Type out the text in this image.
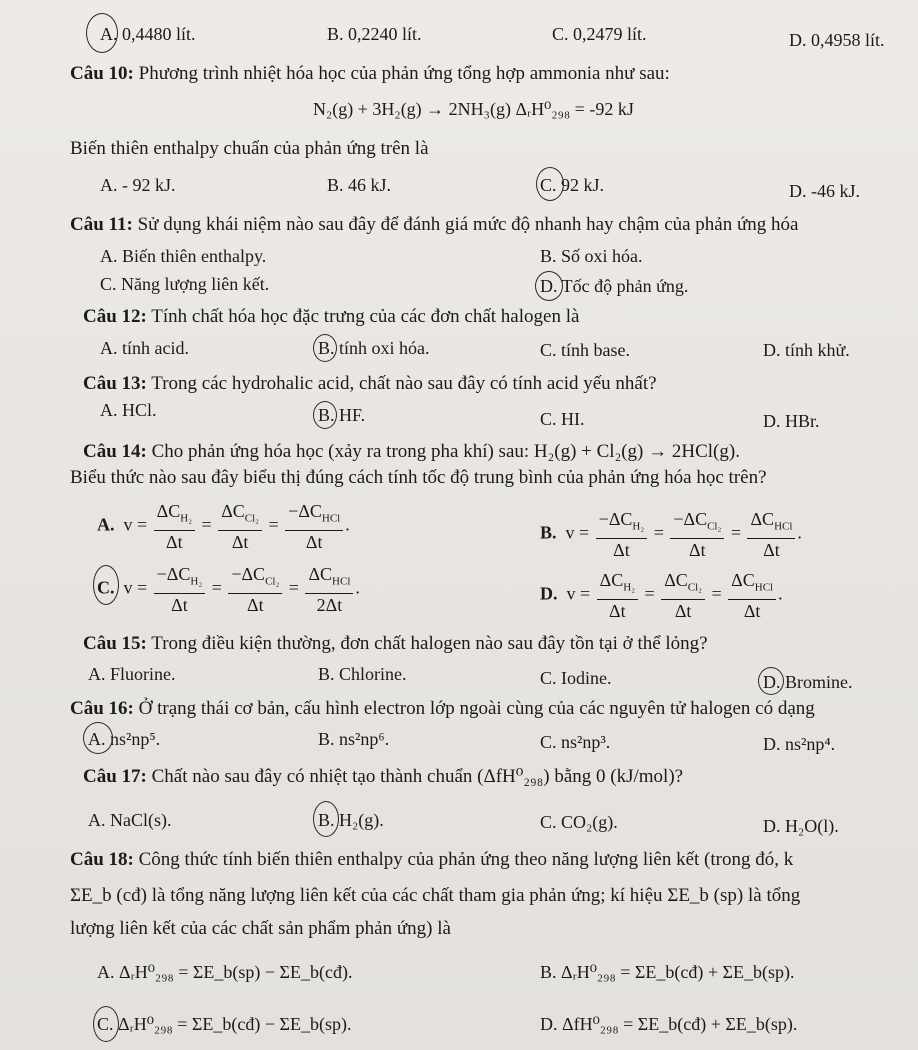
A. 0,4480 lít.	B. 0,2240 lít.	C. 0,2479 lít.	D. 0,4958 lít.
Câu 10: Phương trình nhiệt hóa học của phản ứng tổng hợp ammonia như sau:
N₂(g) + 3H₂(g) → 2NH₃(g) ΔᵣH⁰₂₉₈ = -92 kJ
Biến thiên enthalpy chuẩn của phản ứng trên là
A. - 92 kJ.	B. 46 kJ.	C. 92 kJ.	D. -46 kJ.
Câu 11: Sử dụng khái niệm nào sau đây để đánh giá mức độ nhanh hay chậm của phản ứng hóa
A. Biến thiên enthalpy.	B. Số oxi hóa.
C. Năng lượng liên kết.	D. Tốc độ phản ứng.
Câu 12: Tính chất hóa học đặc trưng của các đơn chất halogen là
A. tính acid.	B. tính oxi hóa.	C. tính base.	D. tính khử.
Câu 13: Trong các hydrohalic acid, chất nào sau đây có tính acid yếu nhất?
A. HCl.	B. HF.	C. HI.	D. HBr.
Câu 14: Cho phản ứng hóa học (xảy ra trong pha khí) sau: H₂(g) + Cl₂(g) → 2HCl(g).
Biểu thức nào sau đây biểu thị đúng cách tính tốc độ trung bình của phản ứng hóa học trên?
A.  $v = \frac{\Delta C_{H_2}}{\Delta t} = \frac{\Delta C_{Cl_2}}{\Delta t} = \frac{-\Delta C_{HCl}}{\Delta t}$ .	B.  $v = \frac{-\Delta C_{H_2}}{\Delta t} = \frac{-\Delta C_{Cl_2}}{\Delta t} = \frac{\Delta C_{HCl}}{\Delta t}$ .
C.  $v = \frac{-\Delta C_{H_2}}{\Delta t} = \frac{-\Delta C_{Cl_2}}{\Delta t} = \frac{\Delta C_{HCl}}{2\Delta t}$ .	D.  $v = \frac{\Delta C_{H_2}}{\Delta t} = \frac{\Delta C_{Cl_2}}{\Delta t} = \frac{\Delta C_{HCl}}{\Delta t}$ .
Câu 15: Trong điều kiện thường, đơn chất halogen nào sau đây tồn tại ở thể lỏng?
A. Fluorine.	B. Chlorine.	C. Iodine.	D. Bromine.
Câu 16: Ở trạng thái cơ bản, cấu hình electron lớp ngoài cùng của các nguyên tử halogen có dạng
A. ns²np⁵.	B. ns²np⁶.	C. ns²np³.	D. ns²np⁴.
Câu 17: Chất nào sau đây có nhiệt tạo thành chuẩn (ΔfH⁰₂₉₈) bằng 0 (kJ/mol)?
A. NaCl(s).	B. H₂(g).	C. CO₂(g).	D. H₂O(l).
Câu 18: Công thức tính biến thiên enthalpy của phản ứng theo năng lượng liên kết (trong đó, k
ΣE_b (cđ) là tổng năng lượng liên kết của các chất tham gia phản ứng; kí hiệu ΣE_b (sp) là tổng
lượng liên kết của các chất sản phẩm phản ứng) là
A. ΔᵣH⁰₂₉₈ = ΣE_b(sp) − ΣE_b(cđ).	B. ΔᵣH⁰₂₉₈ = ΣE_b(cđ) + ΣE_b(sp).
C. ΔᵣH⁰₂₉₈ = ΣE_b(cđ) − ΣE_b(sp).	D. ΔfH⁰₂₉₈ = ΣE_b(cđ) + ΣE_b(sp).
